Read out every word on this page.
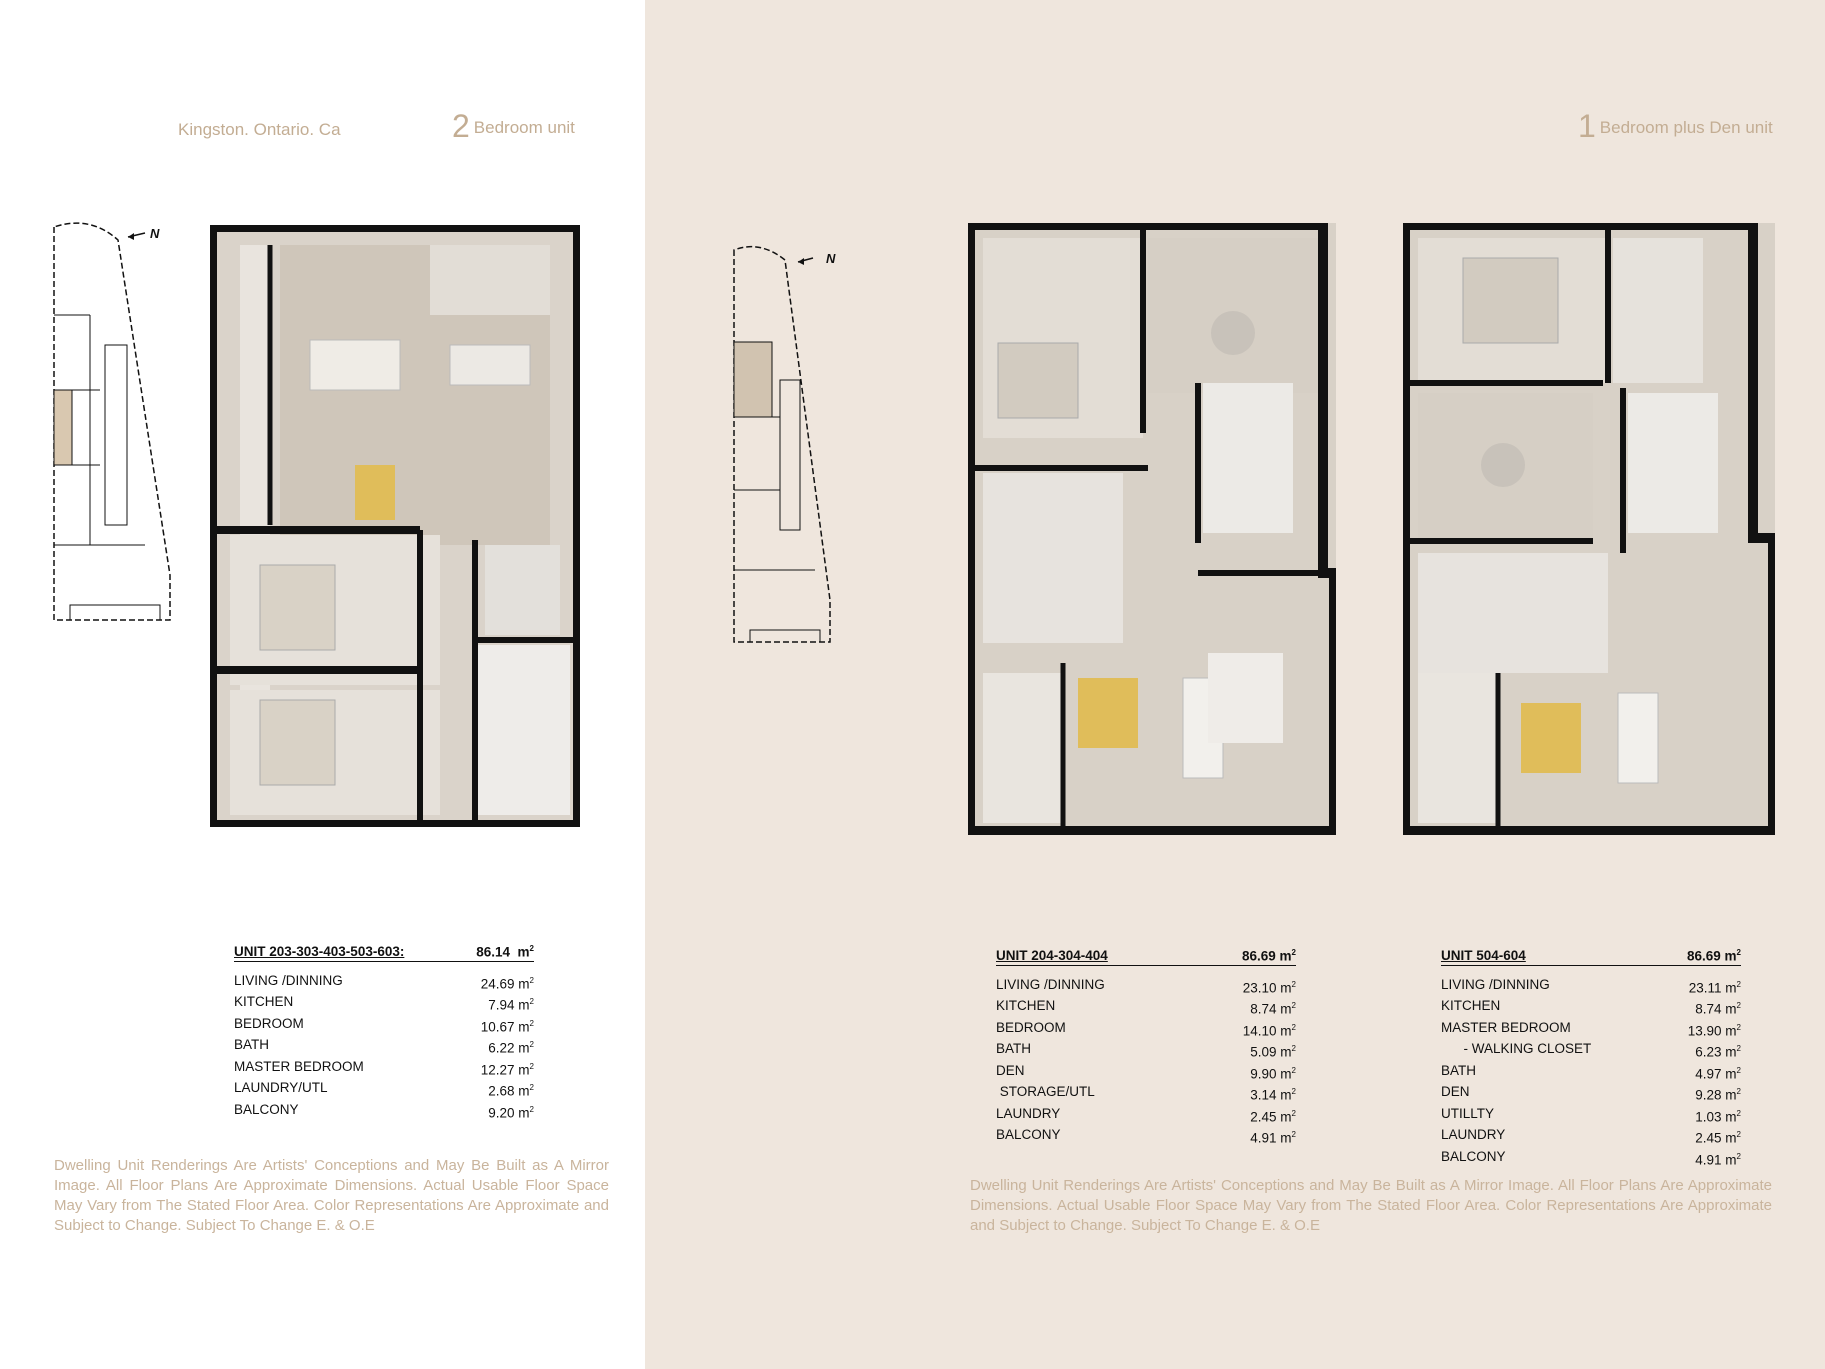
Kingston. Ontario. Ca	2 Bedroom unit
N
UNIT 203-303-403-503-603:	86.14 $m^2$
LIVING /DINNING	24.69 $m^2$
KITCHEN	7.94 $m^2$
BEDROOM	10.67 $m^2$
BATH	6.22 $m^2$
MASTER BEDROOM	12.27 $m^2$
LAUNDRY/UTL	2.68 $m^2$
BALCONY	9.20 $m^2$
Dwelling Unit Renderings Are Artists' Conceptions and May Be Built as A Mirror Image. All Floor Plans Are Approximate Dimensions. Actual Usable Floor Space May Vary from The Stated Floor Area. Color Representations Are Approximate and Subject to Change. Subject To Change E. & O.E
1 Bedroom plus Den unit
N
UNIT 204-304-404	86.69 $m^2$
LIVING /DINNING	23.10 $m^2$
KITCHEN	8.74 $m^2$
BEDROOM	14.10 $m^2$
BATH	5.09 $m^2$
DEN	9.90 $m^2$
STORAGE/UTL	3.14 $m^2$
LAUNDRY	2.45 $m^2$
BALCONY	4.91 $m^2$
UNIT 504-604	86.69 $m^2$
LIVING /DINNING	23.11 $m^2$
KITCHEN	8.74 $m^2$
MASTER BEDROOM	13.90 $m^2$
- WALKING CLOSET	6.23 $m^2$
BATH	4.97 $m^2$
DEN	9.28 $m^2$
UTILLTY	1.03 $m^2$
LAUNDRY	2.45 $m^2$
BALCONY	4.91 $m^2$
Dwelling Unit Renderings Are Artists' Conceptions and May Be Built as A Mirror Image. All Floor Plans Are Approximate Dimensions. Actual Usable Floor Space May Vary from The Stated Floor Area. Color Representations Are Approximate and Subject to Change. Subject To Change E. & O.E
